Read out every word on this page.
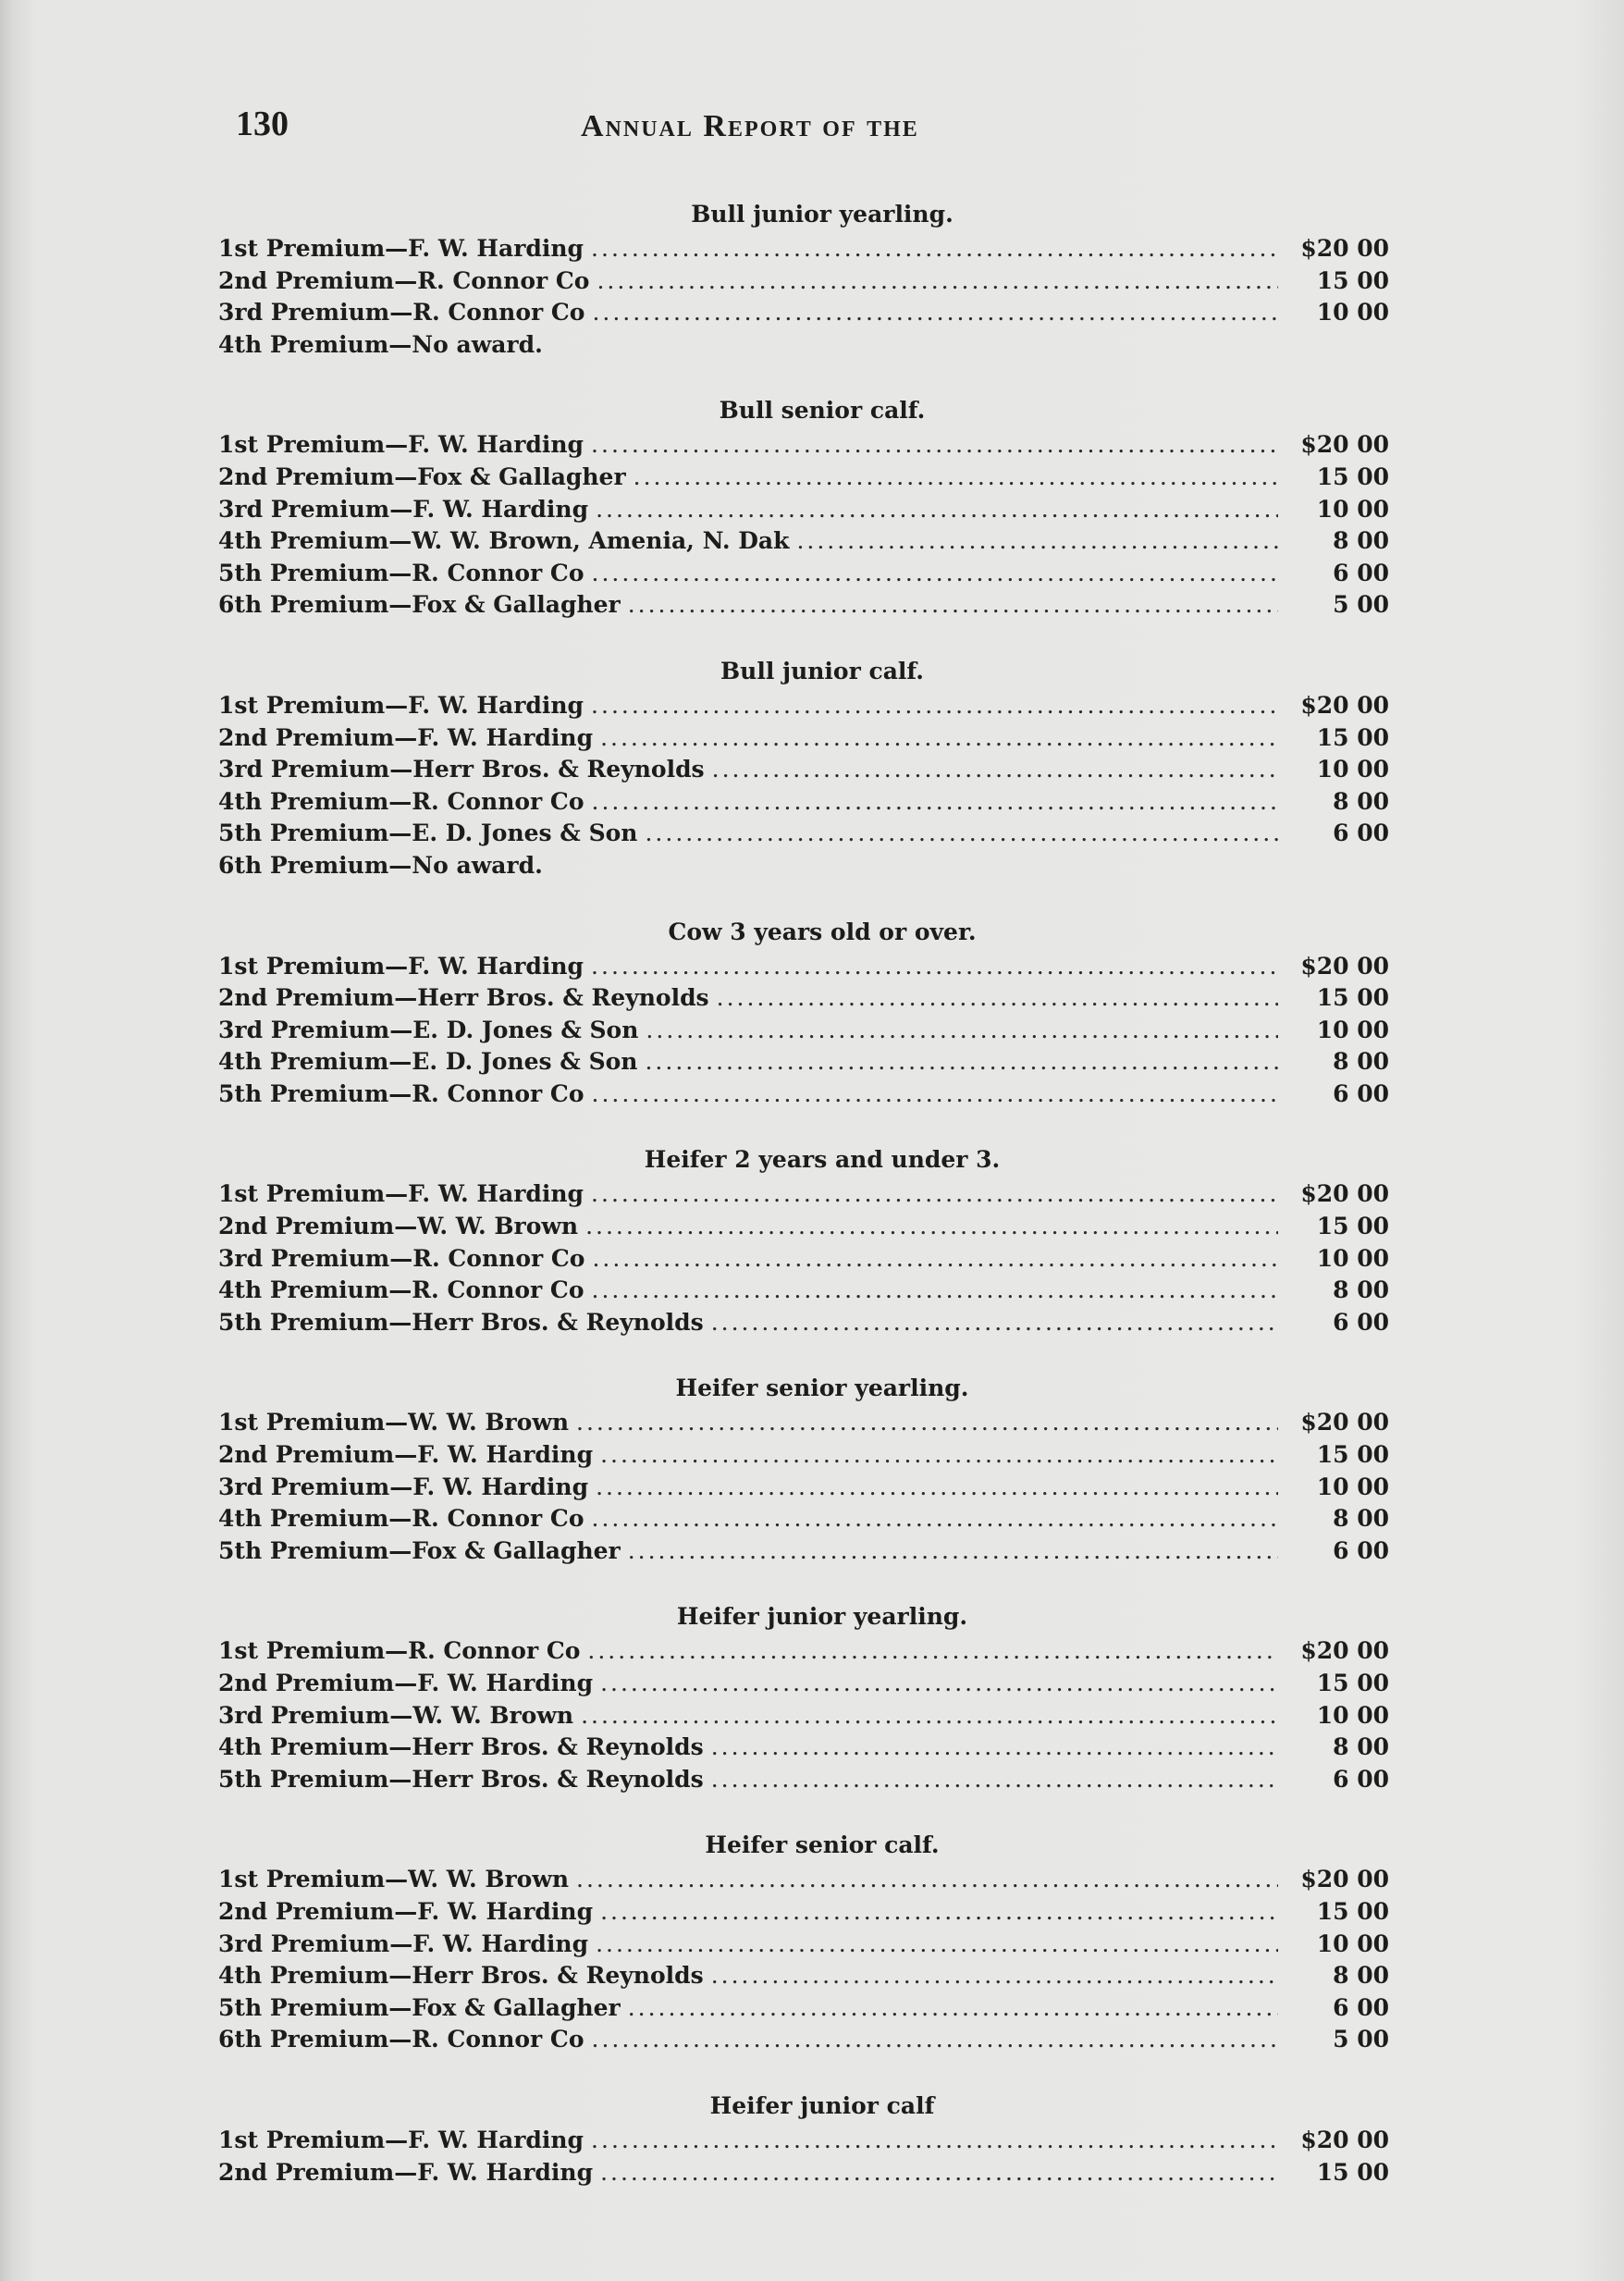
130	Annual Report of the
Bull junior yearling.
1st Premium—F. W. Harding .....	$20 00
2nd Premium—R. Connor Co .....	15 00
3rd Premium—R. Connor Co .....	10 00
4th Premium—No award.
Bull senior calf.
1st Premium—F. W. Harding .....	$20 00
2nd Premium—Fox & Gallagher .....	15 00
3rd Premium—F. W. Harding .....	10 00
4th Premium—W. W. Brown, Amenia, N. Dak .....	8 00
5th Premium—R. Connor Co .....	6 00
6th Premium—Fox & Gallagher .....	5 00
Bull junior calf.
1st Premium—F. W. Harding .....	$20 00
2nd Premium—F. W. Harding .....	15 00
3rd Premium—Herr Bros. & Reynolds .....	10 00
4th Premium—R. Connor Co .....	8 00
5th Premium—E. D. Jones & Son .....	6 00
6th Premium—No award.
Cow 3 years old or over.
1st Premium—F. W. Harding .....	$20 00
2nd Premium—Herr Bros. & Reynolds .....	15 00
3rd Premium—E. D. Jones & Son .....	10 00
4th Premium—E. D. Jones & Son .....	8 00
5th Premium—R. Connor Co .....	6 00
Heifer 2 years and under 3.
1st Premium—F. W. Harding .....	$20 00
2nd Premium—W. W. Brown .....	15 00
3rd Premium—R. Connor Co .....	10 00
4th Premium—R. Connor Co .....	8 00
5th Premium—Herr Bros. & Reynolds .....	6 00
Heifer senior yearling.
1st Premium—W. W. Brown .....	$20 00
2nd Premium—F. W. Harding .....	15 00
3rd Premium—F. W. Harding .....	10 00
4th Premium—R. Connor Co .....	8 00
5th Premium—Fox & Gallagher .....	6 00
Heifer junior yearling.
1st Premium—R. Connor Co .....	$20 00
2nd Premium—F. W. Harding .....	15 00
3rd Premium—W. W. Brown .....	10 00
4th Premium—Herr Bros. & Reynolds .....	8 00
5th Premium—Herr Bros. & Reynolds .....	6 00
Heifer senior calf.
1st Premium—W. W. Brown .....	$20 00
2nd Premium—F. W. Harding .....	15 00
3rd Premium—F. W. Harding .....	10 00
4th Premium—Herr Bros. & Reynolds .....	8 00
5th Premium—Fox & Gallagher .....	6 00
6th Premium—R. Connor Co .....	5 00
Heifer junior calf
1st Premium—F. W. Harding .....	$20 00
2nd Premium—F. W. Harding .....	15 00
